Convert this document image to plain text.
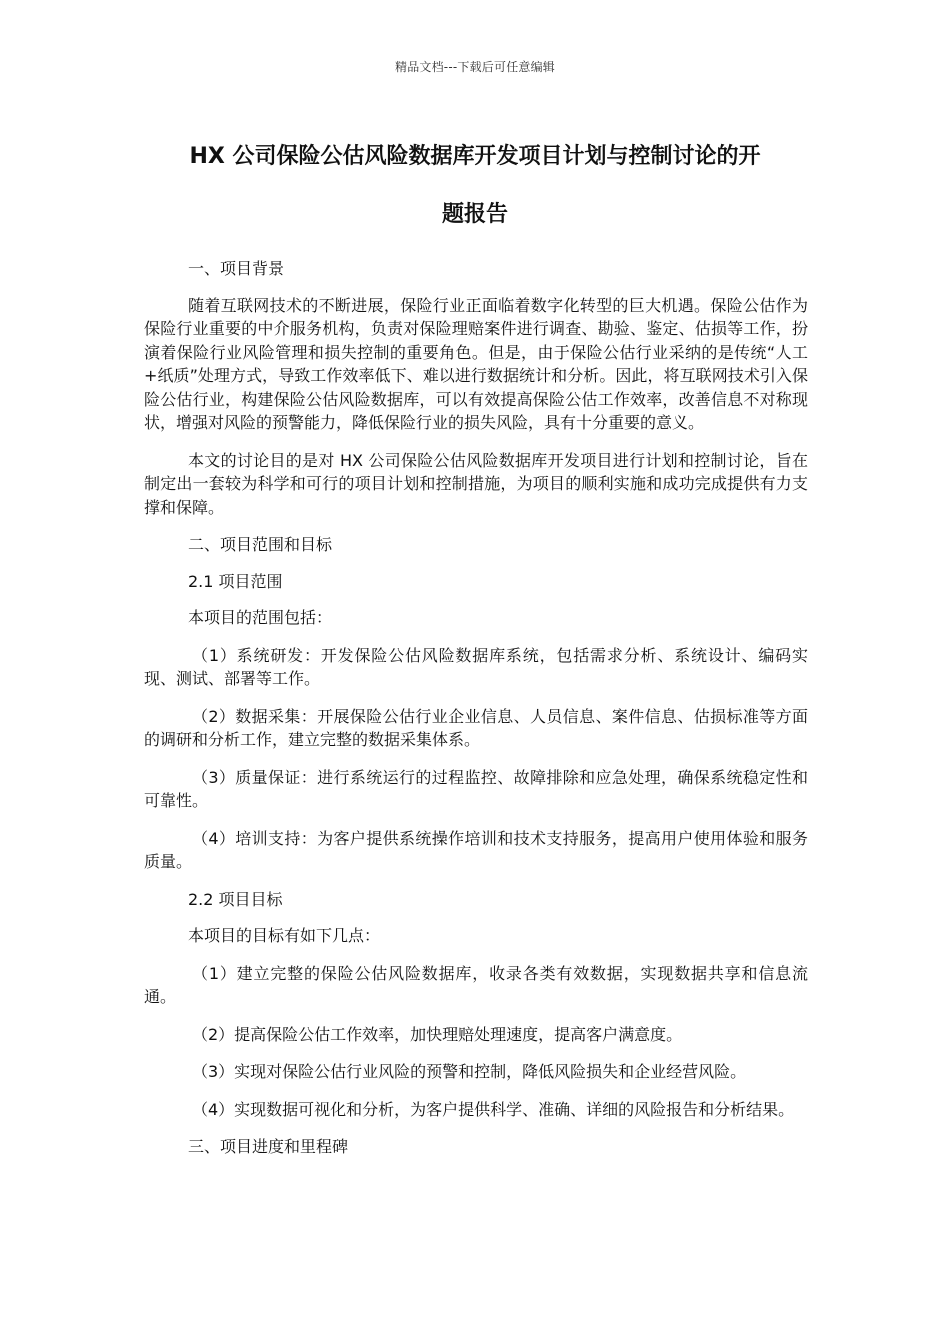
精品文档---下载后可任意编辑
HX 公司保险公估风险数据库开发项目计划与控制讨论的开
题报告

一、项目背景

随着互联网技术的不断进展，保险行业正面临着数字化转型的巨大机遇。保险公估作为保险行业重要的中介服务机构，负责对保险理赔案件进行调查、勘验、鉴定、估损等工作，扮演着保险行业风险管理和损失控制的重要角色。但是，由于保险公估行业采纳的是传统“人工+纸质”处理方式，导致工作效率低下、难以进行数据统计和分析。因此，将互联网技术引入保险公估行业，构建保险公估风险数据库，可以有效提高保险公估工作效率，改善信息不对称现状，增强对风险的预警能力，降低保险行业的损失风险，具有十分重要的意义。

本文的讨论目的是对 HX 公司保险公估风险数据库开发项目进行计划和控制讨论，旨在制定出一套较为科学和可行的项目计划和控制措施，为项目的顺利实施和成功完成提供有力支撑和保障。

二、项目范围和目标

2.1 项目范围

本项目的范围包括：

（1）系统研发：开发保险公估风险数据库系统，包括需求分析、系统设计、编码实现、测试、部署等工作。

（2）数据采集：开展保险公估行业企业信息、人员信息、案件信息、估损标准等方面的调研和分析工作，建立完整的数据采集体系。

（3）质量保证：进行系统运行的过程监控、故障排除和应急处理，确保系统稳定性和可靠性。

（4）培训支持：为客户提供系统操作培训和技术支持服务，提高用户使用体验和服务质量。

2.2 项目目标

本项目的目标有如下几点：

（1）建立完整的保险公估风险数据库，收录各类有效数据，实现数据共享和信息流通。

（2）提高保险公估工作效率，加快理赔处理速度，提高客户满意度。

（3）实现对保险公估行业风险的预警和控制，降低风险损失和企业经营风险。

（4）实现数据可视化和分析，为客户提供科学、准确、详细的风险报告和分析结果。

三、项目进度和里程碑
